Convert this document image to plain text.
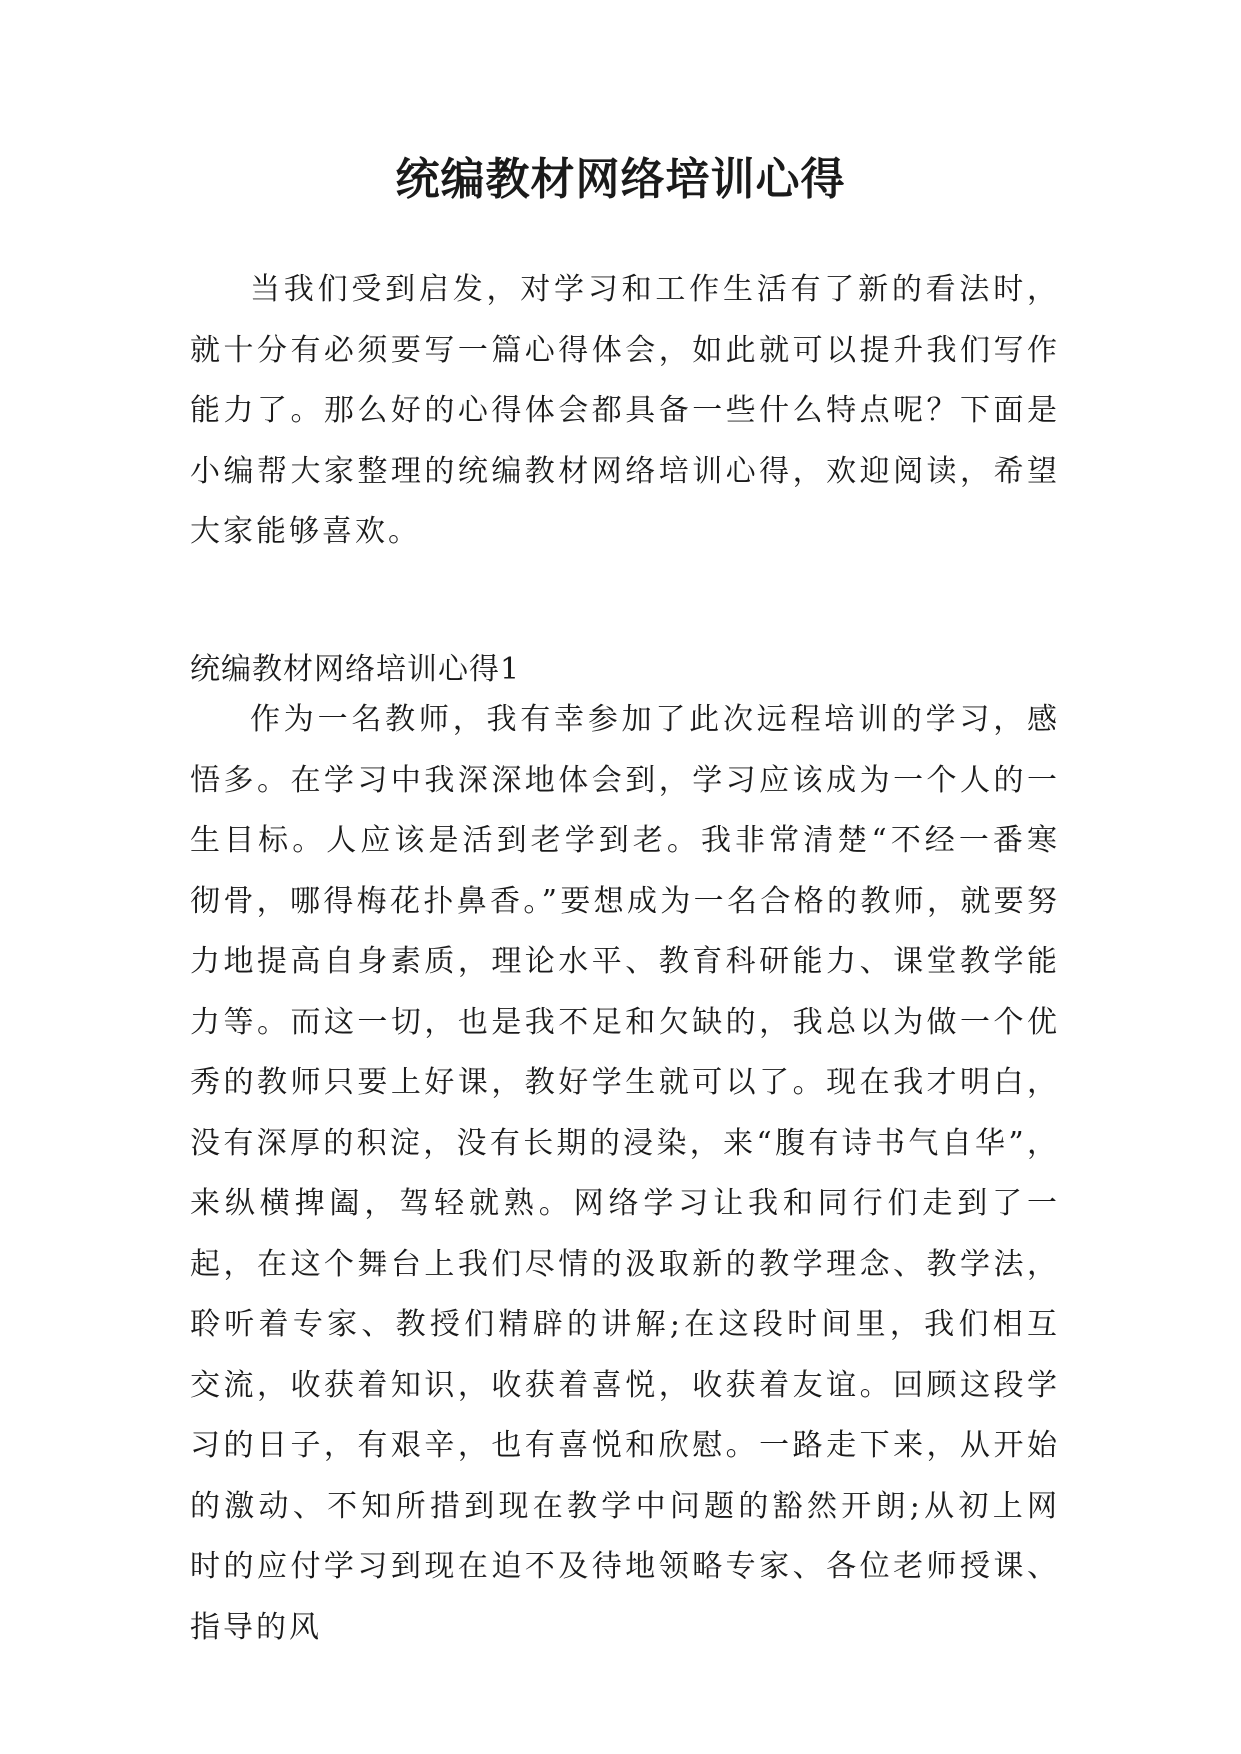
统编教材网络培训心得

当我们受到启发，对学习和工作生活有了新的看法时，就十分有必须要写一篇心得体会，如此就可以提升我们写作能力了。那么好的心得体会都具备一些什么特点呢？下面是小编帮大家整理的统编教材网络培训心得，欢迎阅读，希望大家能够喜欢。

统编教材网络培训心得1

作为一名教师，我有幸参加了此次远程培训的学习，感悟多。在学习中我深深地体会到，学习应该成为一个人的一生目标。人应该是活到老学到老。我非常清楚“不经一番寒彻骨，哪得梅花扑鼻香。”要想成为一名合格的教师，就要努力地提高自身素质，理论水平、教育科研能力、课堂教学能力等。而这一切，也是我不足和欠缺的，我总以为做一个优秀的教师只要上好课，教好学生就可以了。现在我才明白，没有深厚的积淀，没有长期的浸染，来“腹有诗书气自华”，来纵横捭阖，驾轻就熟。网络学习让我和同行们走到了一起，在这个舞台上我们尽情的汲取新的教学理念、教学法，聆听着专家、教授们精辟的讲解;在这段时间里，我们相互交流，收获着知识，收获着喜悦，收获着友谊。回顾这段学习的日子，有艰辛，也有喜悦和欣慰。一路走下来，从开始的激动、不知所措到现在教学中问题的豁然开朗;从初上网时的应付学习到现在迫不及待地领略专家、各位老师授课、指导的风
